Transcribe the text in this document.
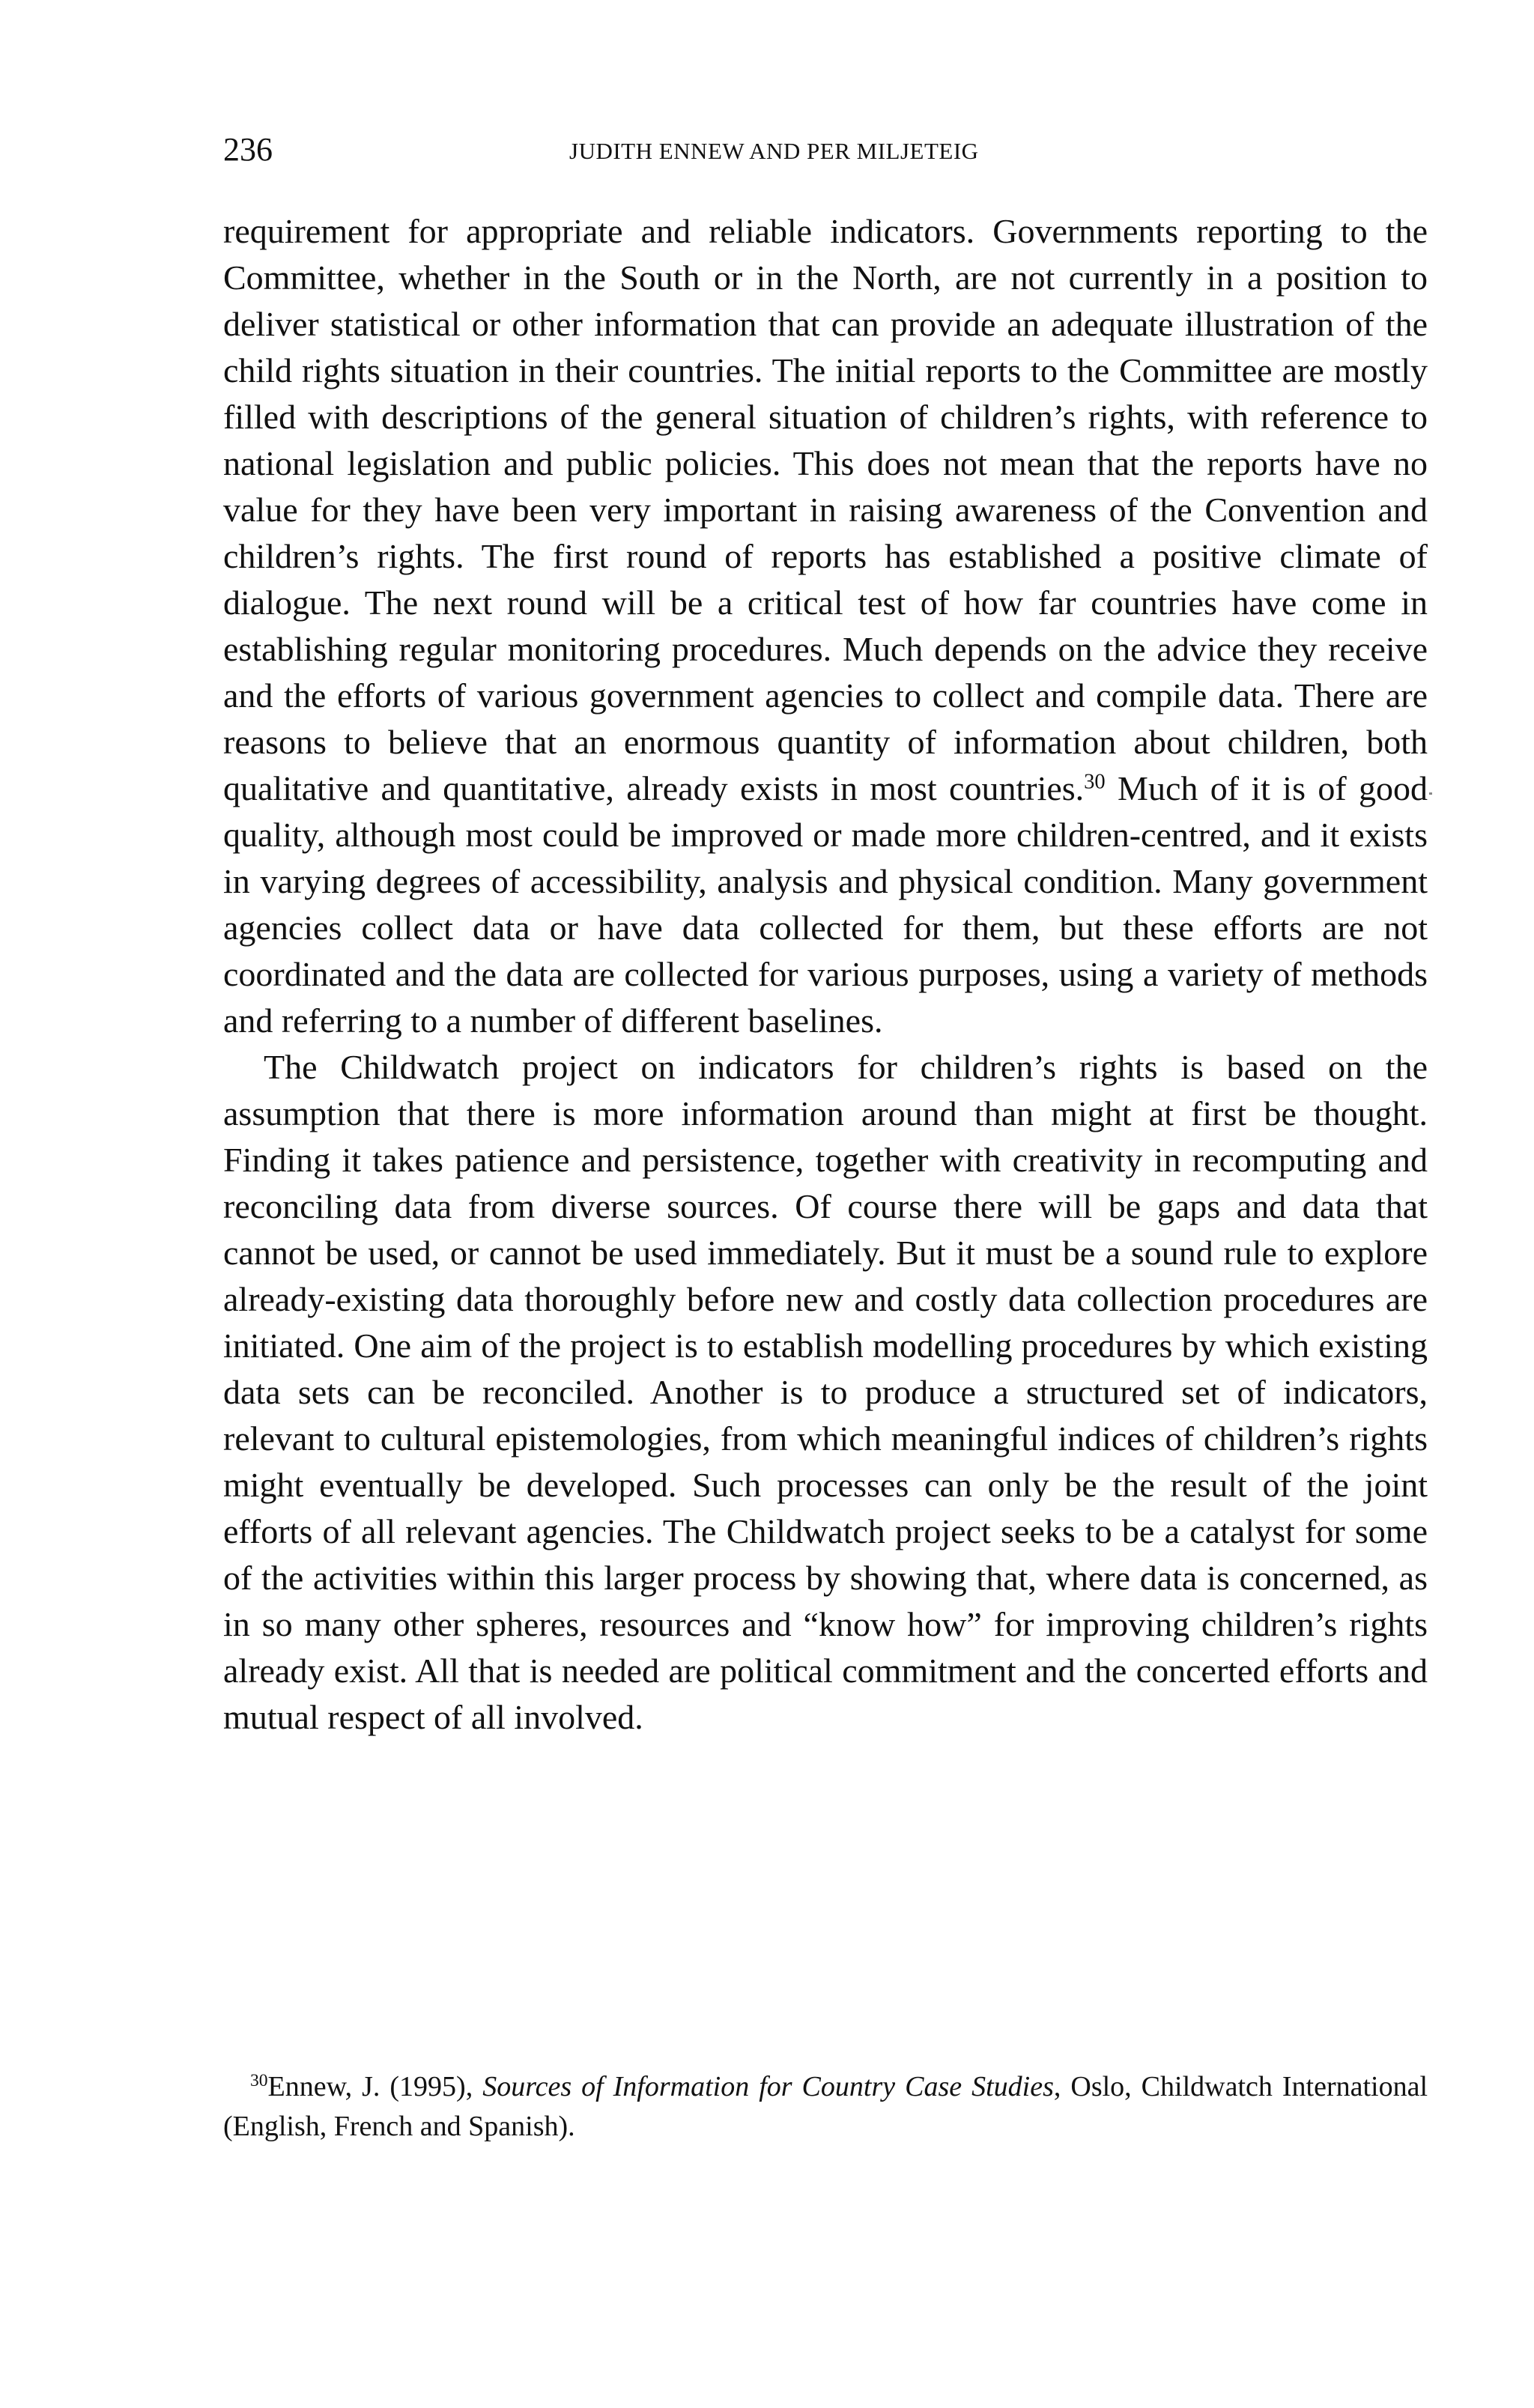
236	JUDITH ENNEW AND PER MILJETEIG

requirement for appropriate and reliable indicators. Governments reporting to the Committee, whether in the South or in the North, are not currently in a position to deliver statistical or other information that can provide an adequate illustration of the child rights situation in their countries. The initial reports to the Committee are mostly filled with descriptions of the general situation of children’s rights, with reference to national legislation and public policies. This does not mean that the reports have no value for they have been very important in raising awareness of the Convention and children’s rights. The first round of reports has established a positive climate of dialogue. The next round will be a critical test of how far countries have come in establishing regular monitoring procedures. Much depends on the advice they receive and the efforts of various government agencies to collect and compile data. There are reasons to believe that an enormous quantity of information about children, both qualitative and quantitative, already exists in most countries.$^{30}$ Much of it is of good quality, although most could be improved or made more children-centred, and it exists in varying degrees of accessibility, analysis and physical condition. Many government agencies collect data or have data collected for them, but these efforts are not coordinated and the data are collected for various purposes, using a variety of methods and referring to a number of different baselines.

The Childwatch project on indicators for children’s rights is based on the assumption that there is more information around than might at first be thought. Finding it takes patience and persistence, together with creativity in recomputing and reconciling data from diverse sources. Of course there will be gaps and data that cannot be used, or cannot be used immediately. But it must be a sound rule to explore already-existing data thoroughly before new and costly data collection procedures are initiated. One aim of the project is to establish modelling procedures by which existing data sets can be reconciled. Another is to produce a structured set of indicators, relevant to cultural epistemologies, from which meaningful indices of children’s rights might eventually be developed. Such processes can only be the result of the joint efforts of all relevant agencies. The Childwatch project seeks to be a catalyst for some of the activities within this larger process by showing that, where data is concerned, as in so many other spheres, resources and “know how” for improving children’s rights already exist. All that is needed are political commitment and the concerted efforts and mutual respect of all involved.

$^{30}$Ennew, J. (1995), Sources of Information for Country Case Studies, Oslo, Childwatch International (English, French and Spanish).
